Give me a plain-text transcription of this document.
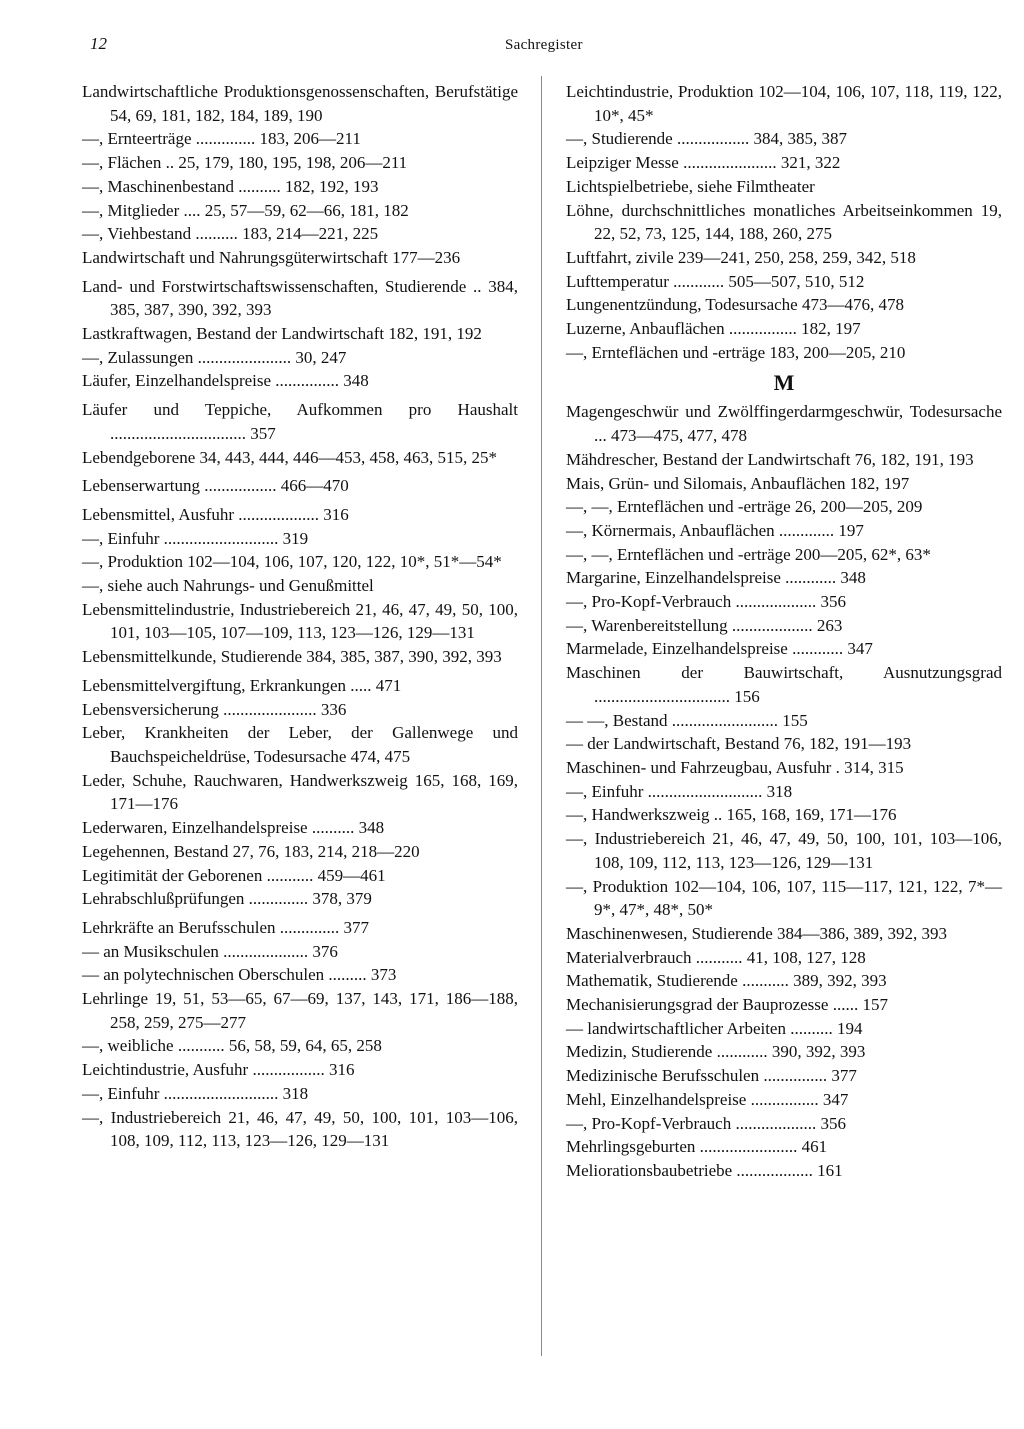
12	Sachregister
Landwirtschaftliche Produktionsgenossenschaften, Berufstätige 54, 69, 181, 182, 184, 189, 190
—, Ernteerträge .............. 183, 206—211
—, Flächen .. 25, 179, 180, 195, 198, 206—211
—, Maschinenbestand .......... 182, 192, 193
—, Mitglieder .... 25, 57—59, 62—66, 181, 182
—, Viehbestand .......... 183, 214—221, 225
Landwirtschaft und Nahrungsgüterwirtschaft 177—236
Land- und Forstwirtschaftswissenschaften, Studierende .. 384, 385, 387, 390, 392, 393
Lastkraftwagen, Bestand der Landwirtschaft 182, 191, 192
—, Zulassungen ...................... 30, 247
Läufer, Einzelhandelspreise ............... 348
Läufer und Teppiche, Aufkommen pro Haushalt ................................ 357
Lebendgeborene 34, 443, 444, 446—453, 458, 463, 515, 25*
Lebenserwartung ................. 466—470
Lebensmittel, Ausfuhr ................... 316
—, Einfuhr ........................... 319
—, Produktion 102—104, 106, 107, 120, 122, 10*, 51*—54*
—, siehe auch Nahrungs- und Genußmittel
Lebensmittelindustrie, Industriebereich 21, 46, 47, 49, 50, 100, 101, 103—105, 107—109, 113, 123—126, 129—131
Lebensmittelkunde, Studierende 384, 385, 387, 390, 392, 393
Lebensmittelvergiftung, Erkrankungen ..... 471
Lebensversicherung ...................... 336
Leber, Krankheiten der Leber, der Gallenwege und Bauchspeicheldrüse, Todesursache 474, 475
Leder, Schuhe, Rauchwaren, Handwerkszweig 165, 168, 169, 171—176
Lederwaren, Einzelhandelspreise .......... 348
Legehennen, Bestand 27, 76, 183, 214, 218—220
Legitimität der Geborenen ........... 459—461
Lehrabschlußprüfungen .............. 378, 379
Lehrkräfte an Berufsschulen .............. 377
— an Musikschulen .................... 376
— an polytechnischen Oberschulen ......... 373
Lehrlinge 19, 51, 53—65, 67—69, 137, 143, 171, 186—188, 258, 259, 275—277
—, weibliche ........... 56, 58, 59, 64, 65, 258
Leichtindustrie, Ausfuhr ................. 316
—, Einfuhr ........................... 318
—, Industriebereich 21, 46, 47, 49, 50, 100, 101, 103—106, 108, 109, 112, 113, 123—126, 129—131
Leichtindustrie, Produktion 102—104, 106, 107, 118, 119, 122, 10*, 45*
—, Studierende ................. 384, 385, 387
Leipziger Messe ...................... 321, 322
Lichtspielbetriebe, siehe Filmtheater
Löhne, durchschnittliches monatliches Arbeitseinkommen 19, 22, 52, 73, 125, 144, 188, 260, 275
Luftfahrt, zivile 239—241, 250, 258, 259, 342, 518
Lufttemperatur ............ 505—507, 510, 512
Lungenentzündung, Todesursache 473—476, 478
Luzerne, Anbauflächen ................ 182, 197
—, Ernteflächen und -erträge 183, 200—205, 210
M
Magengeschwür und Zwölffingerdarmgeschwür, Todesursache ... 473—475, 477, 478
Mähdrescher, Bestand der Landwirtschaft 76, 182, 191, 193
Mais, Grün- und Silomais, Anbauflächen 182, 197
—, —, Ernteflächen und -erträge 26, 200—205, 209
—, Körnermais, Anbauflächen ............. 197
—, —, Ernteflächen und -erträge 200—205, 62*, 63*
Margarine, Einzelhandelspreise ............ 348
—, Pro-Kopf-Verbrauch ................... 356
—, Warenbereitstellung ................... 263
Marmelade, Einzelhandelspreise ............ 347
Maschinen der Bauwirtschaft, Ausnutzungsgrad ................................ 156
— —, Bestand ......................... 155
— der Landwirtschaft, Bestand 76, 182, 191—193
Maschinen- und Fahrzeugbau, Ausfuhr . 314, 315
—, Einfuhr ........................... 318
—, Handwerkszweig .. 165, 168, 169, 171—176
—, Industriebereich 21, 46, 47, 49, 50, 100, 101, 103—106, 108, 109, 112, 113, 123—126, 129—131
—, Produktion 102—104, 106, 107, 115—117, 121, 122, 7*—9*, 47*, 48*, 50*
Maschinenwesen, Studierende 384—386, 389, 392, 393
Materialverbrauch ........... 41, 108, 127, 128
Mathematik, Studierende ........... 389, 392, 393
Mechanisierungsgrad der Bauprozesse ...... 157
— landwirtschaftlicher Arbeiten .......... 194
Medizin, Studierende ............ 390, 392, 393
Medizinische Berufsschulen ............... 377
Mehl, Einzelhandelspreise ................ 347
—, Pro-Kopf-Verbrauch ................... 356
Mehrlingsgeburten ....................... 461
Meliorationsbaubetriebe .................. 161
